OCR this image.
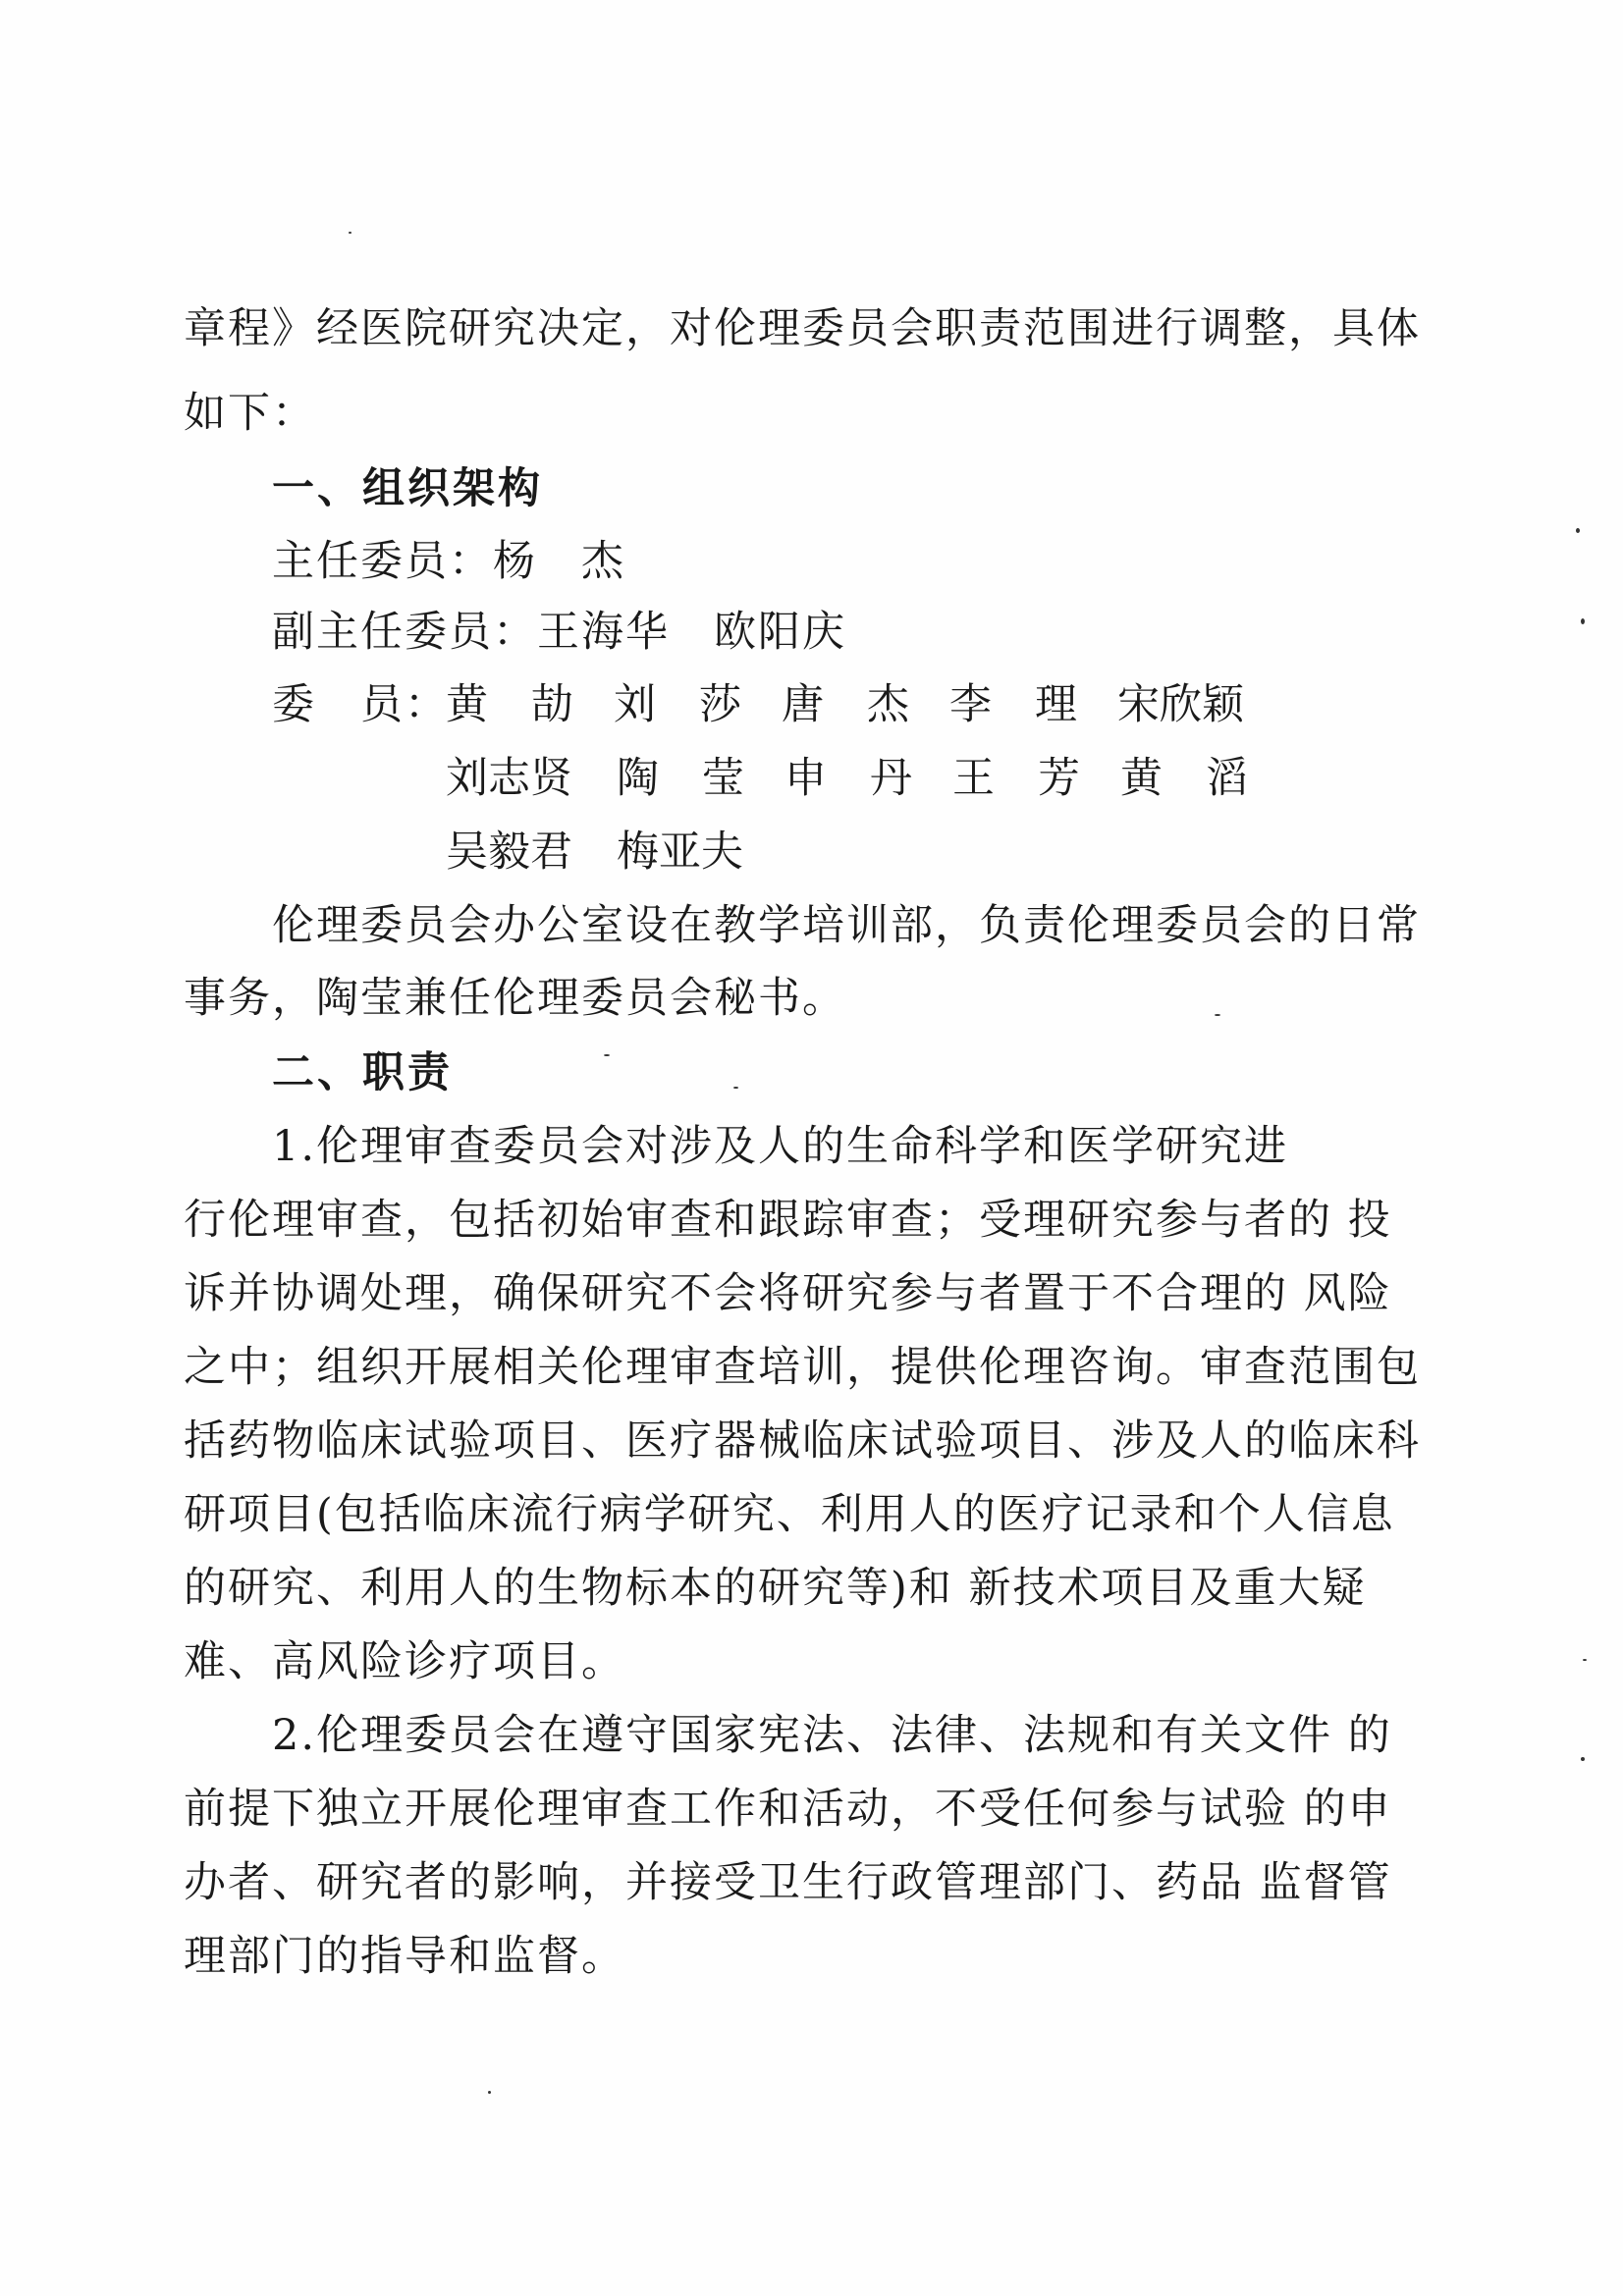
章程》经医院研究决定，对伦理委员会职责范围进行调整，具体
如下：
一、组织架构
主任委员：杨　杰
副主任委员：王海华　欧阳庆
委　员：
黄劼
刘莎
唐杰
李理
宋欣颖
刘志贤 陶莹
申丹
王芳
黄滔
吴毅君 梅亚夫
伦理委员会办公室设在教学培训部，负责伦理委员会的日常
事务，陶莹兼任伦理委员会秘书。
二、职责
1.伦理审查委员会对涉及人的生命科学和医学研究进
行伦理审查，包括初始审查和跟踪审查；受理研究参与者的 投
诉并协调处理，确保研究不会将研究参与者置于不合理的 风险
之中；组织开展相关伦理审查培训，提供伦理咨询。审查范围包
括药物临床试验项目、医疗器械临床试验项目、涉及人的临床科
研项目(包括临床流行病学研究、利用人的医疗记录和个人信息
的研究、利用人的生物标本的研究等)和 新技术项目及重大疑
难、高风险诊疗项目。
2.伦理委员会在遵守国家宪法、法律、法规和有关文件 的
前提下独立开展伦理审查工作和活动，不受任何参与试验 的申
办者、研究者的影响，并接受卫生行政管理部门、药品 监督管
理部门的指导和监督。
